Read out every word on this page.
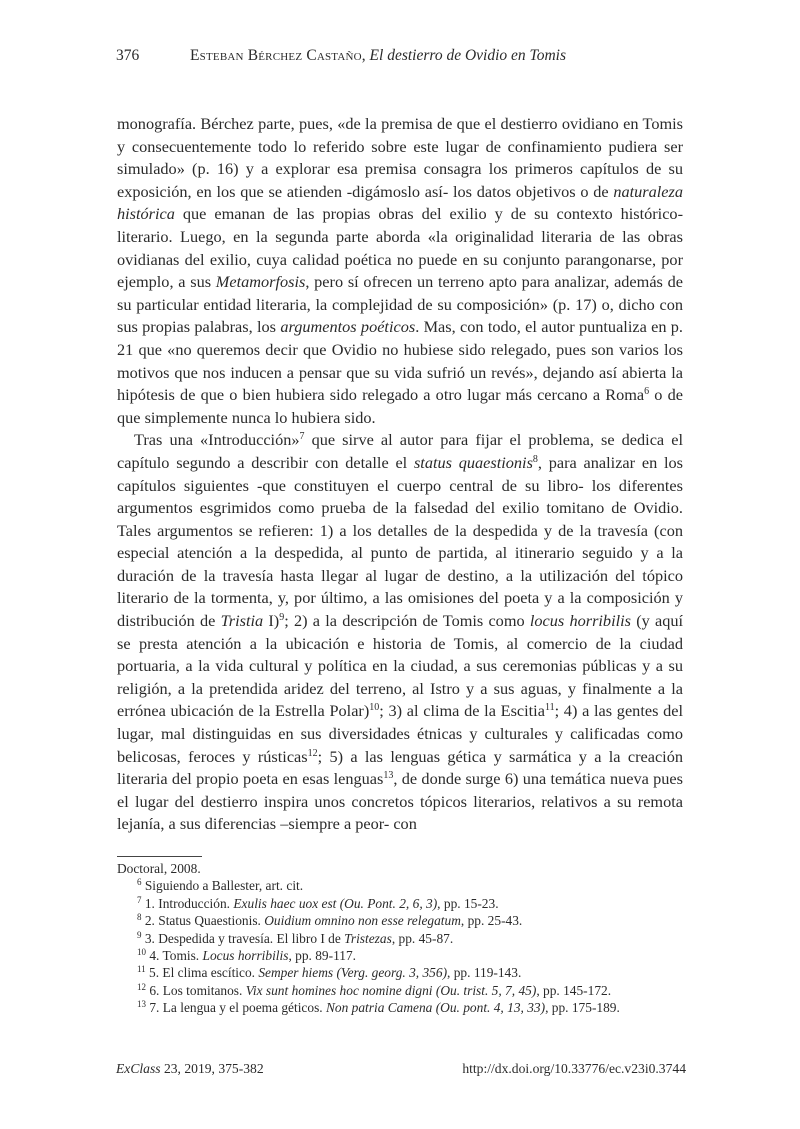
376	Esteban Bérchez Castaño, El destierro de Ovidio en Tomis

monografía. Bérchez parte, pues, «de la premisa de que el destierro ovidiano en Tomis y consecuentemente todo lo referido sobre este lugar de confinamiento pudiera ser simulado» (p. 16) y a explorar esa premisa consagra los primeros capítulos de su exposición, en los que se atienden -digámoslo así- los datos objetivos o de naturaleza histórica que emanan de las propias obras del exilio y de su contexto histórico-literario. Luego, en la segunda parte aborda «la originalidad literaria de las obras ovidianas del exilio, cuya calidad poética no puede en su conjunto parangonarse, por ejemplo, a sus Metamorfosis, pero sí ofrecen un terreno apto para analizar, además de su particular entidad literaria, la complejidad de su composición» (p. 17) o, dicho con sus propias palabras, los argumentos poéticos. Mas, con todo, el autor puntualiza en p. 21 que «no queremos decir que Ovidio no hubiese sido relegado, pues son varios los motivos que nos inducen a pensar que su vida sufrió un revés», dejando así abierta la hipótesis de que o bien hubiera sido relegado a otro lugar más cercano a Roma$^6$ o de que simplemente nunca lo hubiera sido.

Tras una «Introducción»$^7$ que sirve al autor para fijar el problema, se dedica el capítulo segundo a describir con detalle el status quaestionis$^8$, para analizar en los capítulos siguientes -que constituyen el cuerpo central de su libro- los diferentes argumentos esgrimidos como prueba de la falsedad del exilio tomitano de Ovidio. Tales argumentos se refieren: 1) a los detalles de la despedida y de la travesía (con especial atención a la despedida, al punto de partida, al itinerario seguido y a la duración de la travesía hasta llegar al lugar de destino, a la utilización del tópico literario de la tormenta, y, por último, a las omisiones del poeta y a la composición y distribución de Tristia I)$^9$; 2) a la descripción de Tomis como locus horribilis (y aquí se presta atención a la ubicación e historia de Tomis, al comercio de la ciudad portuaria, a la vida cultural y política en la ciudad, a sus ceremonias públicas y a su religión, a la pretendida aridez del terreno, al Istro y a sus aguas, y finalmente a la errónea ubicación de la Estrella Polar)$^{10}$; 3) al clima de la Escitia$^{11}$; 4) a las gentes del lugar, mal distinguidas en sus diversidades étnicas y culturales y calificadas como belicosas, feroces y rústicas$^{12}$; 5) a las lenguas gética y sarmática y a la creación literaria del propio poeta en esas lenguas$^{13}$, de donde surge 6) una temática nueva pues el lugar del destierro inspira unos concretos tópicos literarios, relativos a su remota lejanía, a sus diferencias –siempre a peor- con

Doctoral, 2008.
$^6$ Siguiendo a Ballester, art. cit.
$^7$ 1. Introducción. Exulis haec uox est (Ou. Pont. 2, 6, 3), pp. 15-23.
$^8$ 2. Status Quaestionis. Ouidium omnino non esse relegatum, pp. 25-43.
$^9$ 3. Despedida y travesía. El libro I de Tristezas, pp. 45-87.
$^{10}$ 4. Tomis. Locus horribilis, pp. 89-117.
$^{11}$ 5. El clima escítico. Semper hiems (Verg. georg. 3, 356), pp. 119-143.
$^{12}$ 6. Los tomitanos. Vix sunt homines hoc nomine digni (Ou. trist. 5, 7, 45), pp. 145-172.
$^{13}$ 7. La lengua y el poema géticos. Non patria Camena (Ou. pont. 4, 13, 33), pp. 175-189.
ExClass 23, 2019, 375-382	http://dx.doi.org/10.33776/ec.v23i0.3744
